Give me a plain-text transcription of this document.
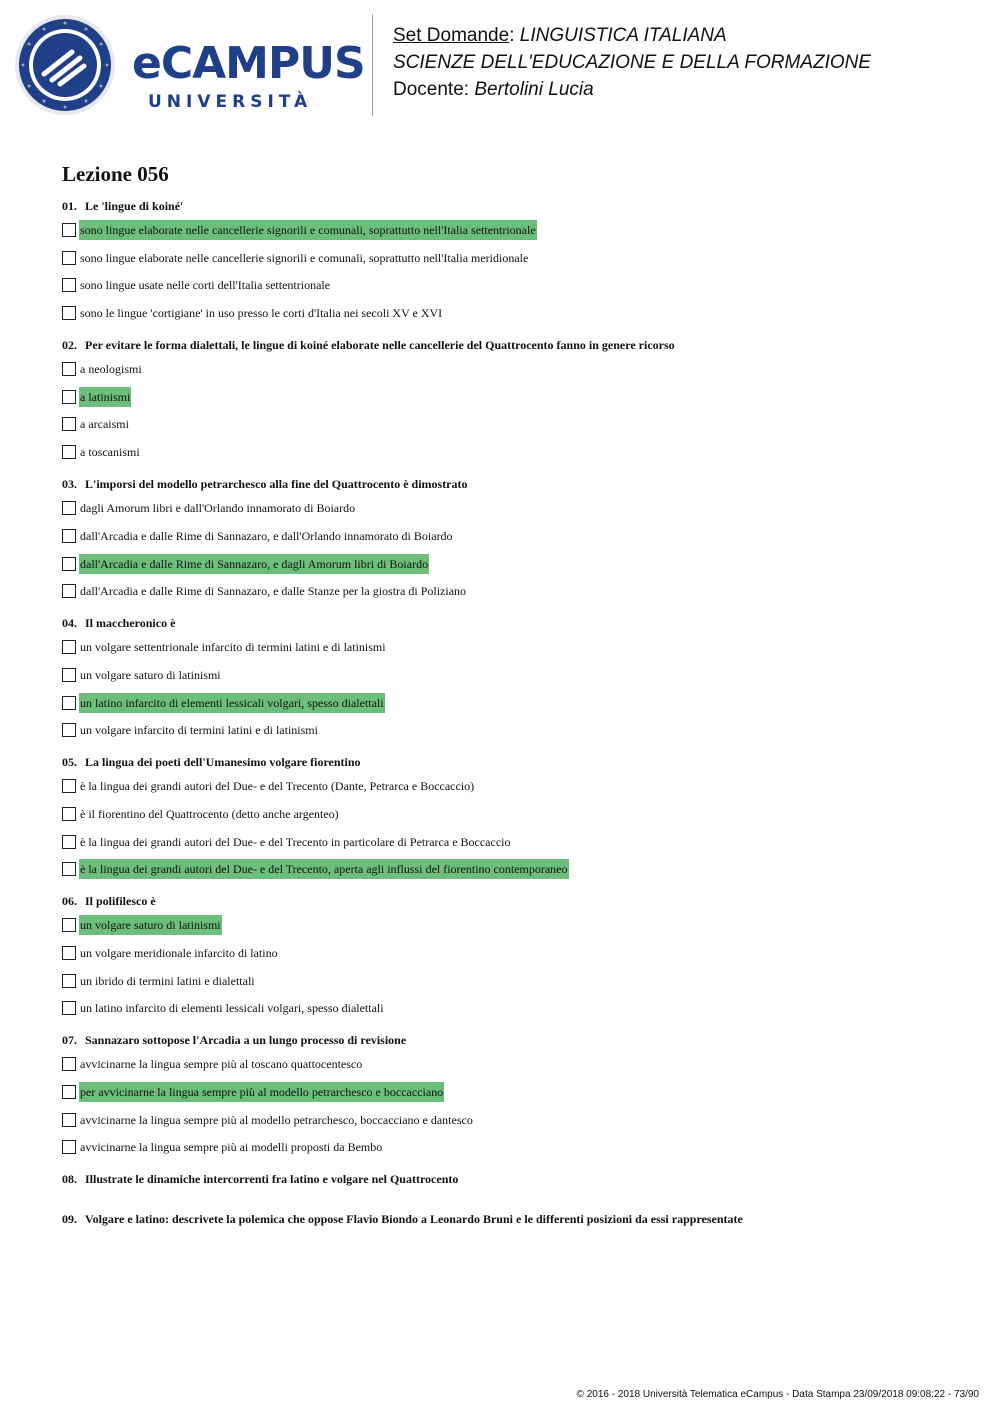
eCAMPUS
UNIVERSITÀ
Set Domande: LINGUISTICA ITALIANA
SCIENZE DELL'EDUCAZIONE E DELLA FORMAZIONE
Docente: Bertolini Lucia
Lezione 056
01. Le 'lingue di koiné'
sono lingue elaborate nelle cancellerie signorili e comunali, soprattutto nell'Italia settentrionale
sono lingue elaborate nelle cancellerie signorili e comunali, soprattutto nell'Italia meridionale
sono lingue usate nelle corti dell'Italia settentrionale
sono le lingue 'cortigiane' in uso presso le corti d'Italia nei secoli XV e XVI
02. Per evitare le forma dialettali, le lingue di koiné elaborate nelle cancellerie del Quattrocento fanno in genere ricorso
a neologismi
a latinismi
a arcaismi
a toscanismi
03. L'imporsi del modello petrarchesco alla fine del Quattrocento è dimostrato
dagli Amorum libri e dall'Orlando innamorato di Boiardo
dall'Arcadia e dalle Rime di Sannazaro, e dall'Orlando innamorato di Boiardo
dall'Arcadia e dalle Rime di Sannazaro, e dagli Amorum libri di Boiardo
dall'Arcadia e dalle Rime di Sannazaro, e dalle Stanze per la giostra di Poliziano
04. Il maccheronico è
un volgare settentrionale infarcito di termini latini e di latinismi
un volgare saturo di latinismi
un latino infarcito di elementi lessicali volgari, spesso dialettali
un volgare infarcito di termini latini e di latinismi
05. La lingua dei poeti dell'Umanesimo volgare fiorentino
è la lingua dei grandi autori del Due- e del Trecento (Dante, Petrarca e Boccaccio)
è il fiorentino del Quattrocento (detto anche argenteo)
è la lingua dei grandi autori del Due- e del Trecento in particolare di Petrarca e Boccaccio
è la lingua dei grandi autori del Due- e del Trecento, aperta agli influssi del fiorentino contemporaneo
06. Il polifilesco è
un volgare saturo di latinismi
un volgare meridionale infarcito di latino
un ibrido di termini latini e dialettali
un latino infarcito di elementi lessicali volgari, spesso dialettali
07. Sannazaro sottopose l'Arcadia a un lungo processo di revisione
avvicinarne la lingua sempre più al toscano quattocentesco
per avvicinarne la lingua sempre più al modello petrarchesco e boccacciano
avvicinarne la lingua sempre più al modello petrarchesco, boccacciano e dantesco
avvicinarne la lingua sempre più ai modelli proposti da Bembo
08. Illustrate le dinamiche intercorrenti fra latino e volgare nel Quattrocento
09. Volgare e latino: descrivete la polemica che oppose Flavio Biondo a Leonardo Bruni e le differenti posizioni da essi rappresentate
© 2016 - 2018 Università Telematica eCampus - Data Stampa 23/09/2018 09:08:22 - 73/90
